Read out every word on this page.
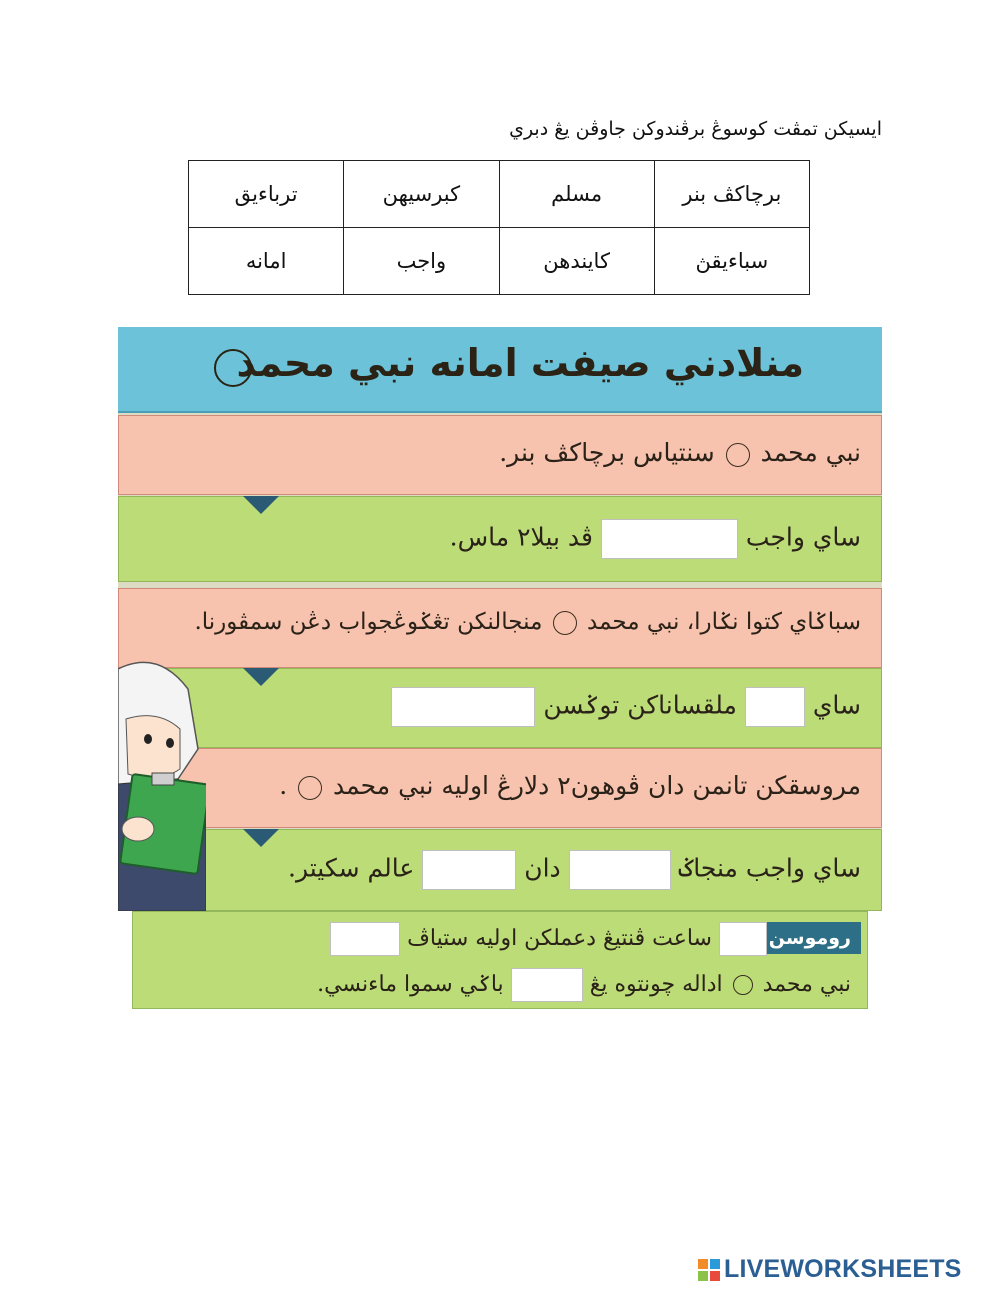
ايسيکن تمڤت کوسوڠ برڤندوکن جاوڤن يڠ دبري
برچاکڤ بنر	مسلم	کبرسيهن	ترباءيق
سباءيقڽ	کايندهن	واجب	امانه
منلادني صيفت امانه نبي محمد
نبي محمد  سنتياس برچاکڤ بنر.
ساي واجب  ڤد بيلا٢ ماس.
سباݢاي کتوا نݢارا، نبي محمد  منجالنکن تڠݢوڠجواب دڠن سمڤورنا.
ساي  ملقساناکن توݢسن
مروسقکن تانمن دان ڤوهون٢ دلارڠ اوليه نبي محمد  .
ساي واجب منجاݢ  دان  عالم سکيتر.
روموسن
ساعت ڤنتيڠ دعملکن اوليه ستياڤ
نبي محمد  اداله چونتوه يڠ  باݢي سموا ماءنسي.
LIVEWORKSHEETS
